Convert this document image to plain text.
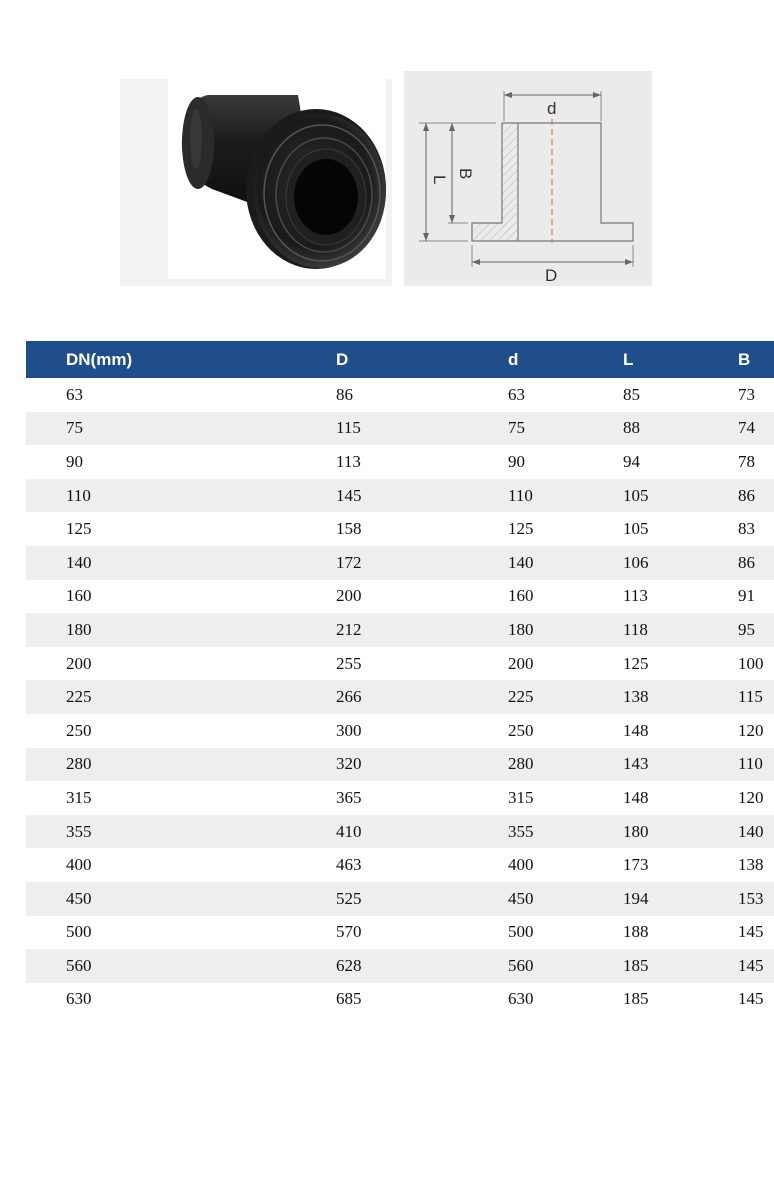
d
L
B
D
DN(mm)	D	d	L	B
63	86	63	85	73
75	115	75	88	74
90	113	90	94	78
110	145	110	105	86
125	158	125	105	83
140	172	140	106	86
160	200	160	113	91
180	212	180	118	95
200	255	200	125	100
225	266	225	138	115
250	300	250	148	120
280	320	280	143	110
315	365	315	148	120
355	410	355	180	140
400	463	400	173	138
450	525	450	194	153
500	570	500	188	145
560	628	560	185	145
630	685	630	185	145
